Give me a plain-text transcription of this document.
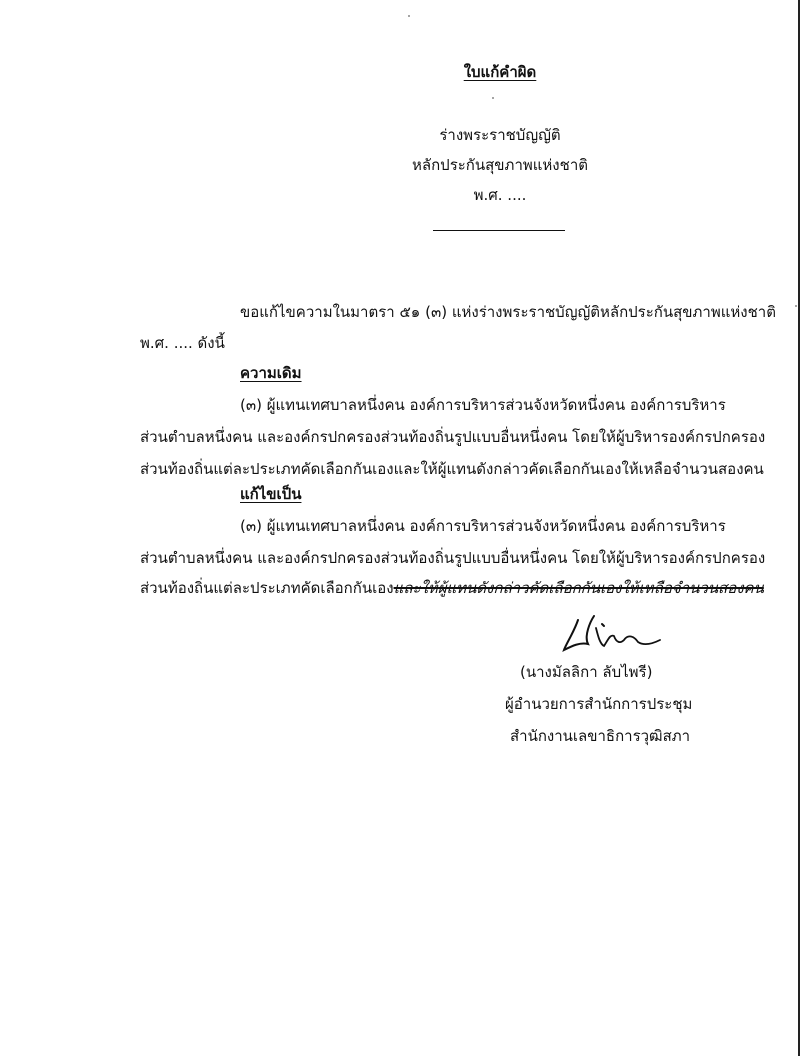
ใบแก้คำผิด
ร่างพระราชบัญญัติ
หลักประกันสุขภาพแห่งชาติ
พ.ศ. ....
ขอแก้ไขความในมาตรา ๕๑ (๓) แห่งร่างพระราชบัญญัติหลักประกันสุขภาพแห่งชาติ
พ.ศ. .... ดังนี้
ความเดิม
(๓) ผู้แทนเทศบาลหนึ่งคน องค์การบริหารส่วนจังหวัดหนึ่งคน องค์การบริหาร
ส่วนตำบลหนึ่งคน และองค์กรปกครองส่วนท้องถิ่นรูปแบบอื่นหนึ่งคน โดยให้ผู้บริหารองค์กรปกครอง
ส่วนท้องถิ่นแต่ละประเภทคัดเลือกกันเองและให้ผู้แทนดังกล่าวคัดเลือกกันเองให้เหลือจำนวนสองคน
แก้ไขเป็น
(๓) ผู้แทนเทศบาลหนึ่งคน องค์การบริหารส่วนจังหวัดหนึ่งคน องค์การบริหาร
ส่วนตำบลหนึ่งคน และองค์กรปกครองส่วนท้องถิ่นรูปแบบอื่นหนึ่งคน โดยให้ผู้บริหารองค์กรปกครอง
ส่วนท้องถิ่นแต่ละประเภทคัดเลือกกันเองและให้ผู้แทนดังกล่าวคัดเลือกกันเองให้เหลือจำนวนสองคน
(นางมัลลิกา ลับไพรี)
ผู้อำนวยการสำนักการประชุม
สำนักงานเลขาธิการวุฒิสภา
